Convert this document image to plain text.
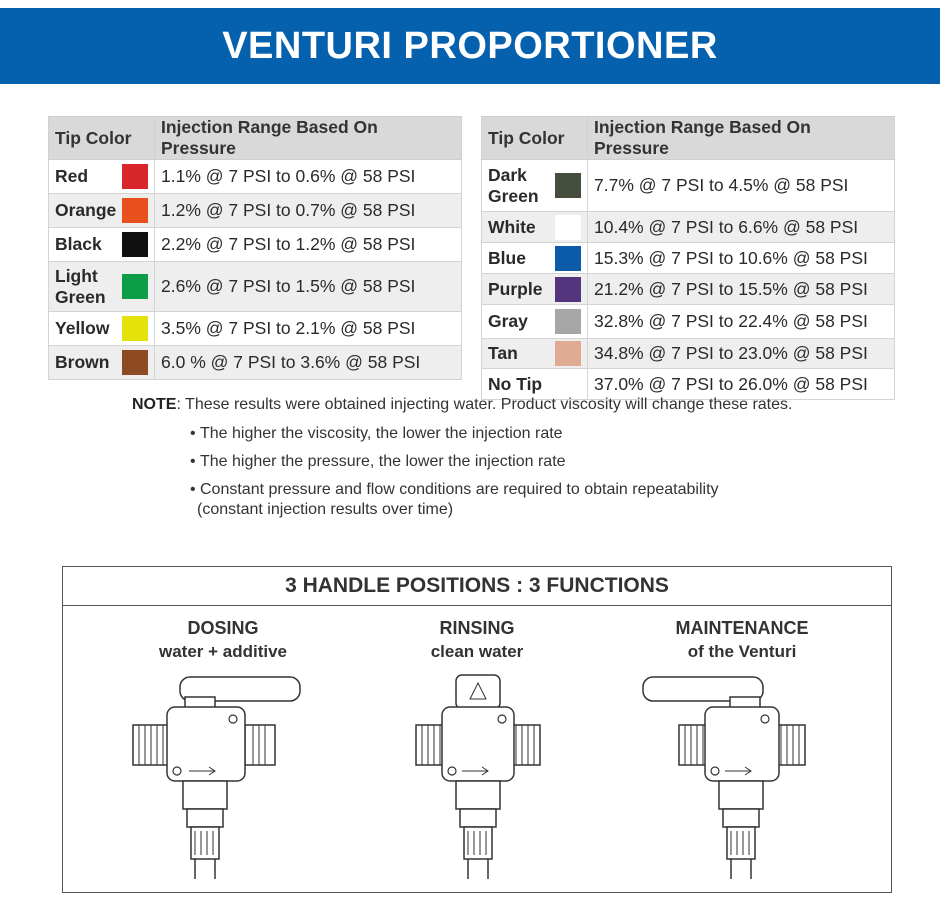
VENTURI PROPORTIONER
Tip Color	Injection Range Based On Pressure

Red	1.1% @ 7 PSI to 0.6% @ 58 PSI

Orange	1.2% @ 7 PSI to 0.7% @ 58 PSI

Black	2.2% @ 7 PSI to 1.2% @ 58 PSI

Light
Green	2.6% @ 7 PSI to 1.5% @ 58 PSI

Yellow	3.5% @ 7 PSI to 2.1% @ 58 PSI

Brown	6.0 % @ 7 PSI to 3.6% @ 58 PSI
Tip Color	Injection Range Based On Pressure

Dark
Green	7.7% @ 7 PSI to 4.5% @ 58 PSI

White	10.4% @ 7 PSI to 6.6% @ 58 PSI

Blue	15.3% @ 7 PSI to 10.6% @ 58 PSI

Purple	21.2% @ 7 PSI to 15.5% @ 58 PSI

Gray	32.8% @ 7 PSI to 22.4% @ 58 PSI

Tan	34.8% @ 7 PSI to 23.0% @ 58 PSI

No Tip	37.0% @ 7 PSI to 26.0% @ 58 PSI
NOTE: These results were obtained injecting water. Product viscosity will change these rates.
• The higher the viscosity, the lower the injection rate
• The higher the pressure, the lower the injection rate
• Constant pressure and flow conditions are required to obtain repeatability
(constant injection results over time)
3 HANDLE POSITIONS : 3 FUNCTIONS
DOSING
water + additive
RINSING
clean water
MAINTENANCE
of the Venturi
